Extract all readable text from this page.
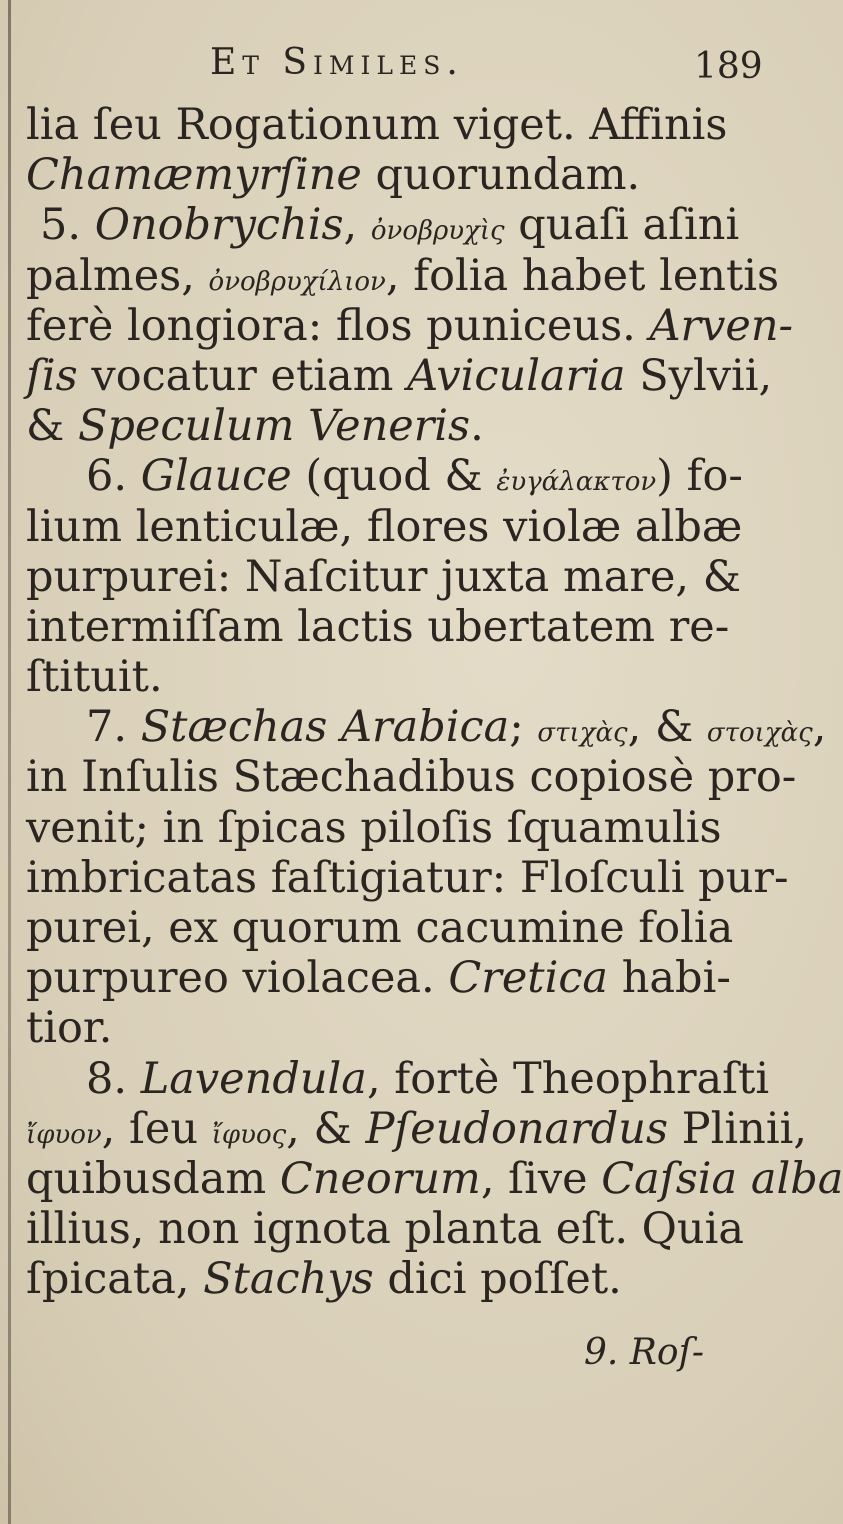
Et Similes.	189
lia ſeu Rogationum viget. Affinis
Chamæmyrſine quorundam.
5. Onobrychis, ὀνοβρυχὶς quaſi aſini
palmes, ὀνοβρυχίλιον, folia habet lentis
ferè longiora: flos puniceus. Arven-
ſis vocatur etiam Avicularia Sylvii,
& Speculum Veneris.
6. Glauce (quod & ἐυγάλακτον) fo-
lium lenticulæ, flores violæ albæ
purpurei: Naſcitur juxta mare, &
intermiſſam lactis ubertatem re-
ſtituit.
7. Stæchas Arabica; στιχὰς, & στοιχὰς,
in Inſulis Stæchadibus copiosè pro-
venit; in ſpicas piloſis ſquamulis
imbricatas faſtigiatur: Floſculi pur-
purei, ex quorum cacumine folia
purpureo violacea. Cretica habi-
tior.
8. Lavendula, fortè Theophraſti
ἴφυον, ſeu ἴφυος, & Pſeudonardus Plinii,
quibusdam Cneorum, ſive Caſsia alba
illius, non ignota planta eſt. Quia
ſpicata, Stachys dici poſſet.
9. Roſ-
